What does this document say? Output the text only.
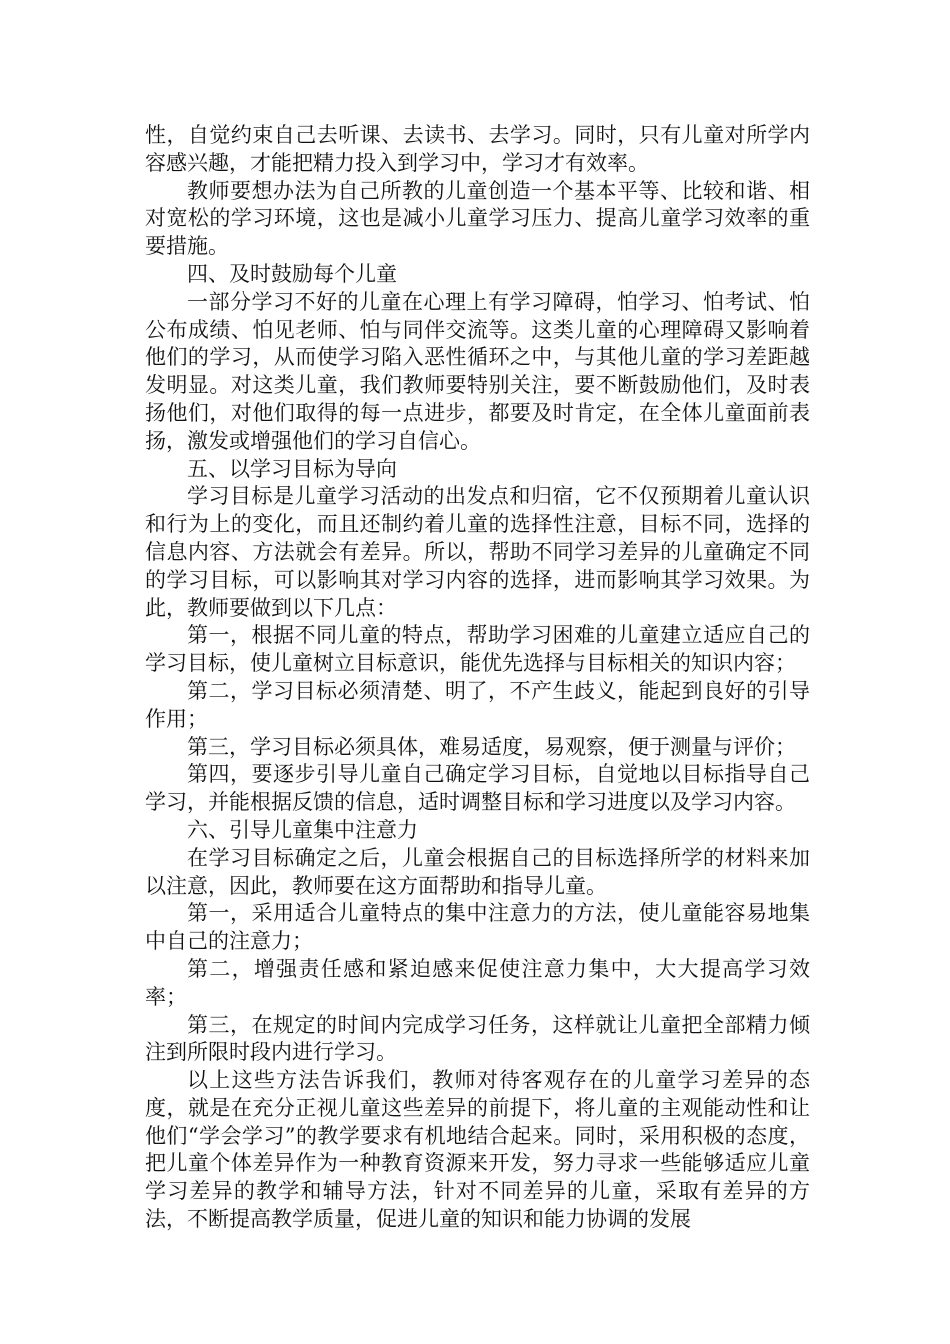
性，自觉约束自己去听课、去读书、去学习。同时，只有儿童对所学内容感兴趣，才能把精力投入到学习中，学习才有效率。

教师要想办法为自己所教的儿童创造一个基本平等、比较和谐、相对宽松的学习环境，这也是减小儿童学习压力、提高儿童学习效率的重要措施。

四、及时鼓励每个儿童

一部分学习不好的儿童在心理上有学习障碍，怕学习、怕考试、怕公布成绩、怕见老师、怕与同伴交流等。这类儿童的心理障碍又影响着他们的学习，从而使学习陷入恶性循环之中，与其他儿童的学习差距越发明显。对这类儿童，我们教师要特别关注，要不断鼓励他们，及时表扬他们，对他们取得的每一点进步，都要及时肯定，在全体儿童面前表扬，激发或增强他们的学习自信心。

五、以学习目标为导向

学习目标是儿童学习活动的出发点和归宿，它不仅预期着儿童认识和行为上的变化，而且还制约着儿童的选择性注意，目标不同，选择的信息内容、方法就会有差异。所以，帮助不同学习差异的儿童确定不同的学习目标，可以影响其对学习内容的选择，进而影响其学习效果。为此，教师要做到以下几点：

第一，根据不同儿童的特点，帮助学习困难的儿童建立适应自己的学习目标，使儿童树立目标意识，能优先选择与目标相关的知识内容；

第二，学习目标必须清楚、明了，不产生歧义，能起到良好的引导作用；

第三，学习目标必须具体，难易适度，易观察，便于测量与评价；

第四，要逐步引导儿童自己确定学习目标，自觉地以目标指导自己学习，并能根据反馈的信息，适时调整目标和学习进度以及学习内容。

六、引导儿童集中注意力

在学习目标确定之后，儿童会根据自己的目标选择所学的材料来加以注意，因此，教师要在这方面帮助和指导儿童。

第一，采用适合儿童特点的集中注意力的方法，使儿童能容易地集中自己的注意力；

第二，增强责任感和紧迫感来促使注意力集中，大大提高学习效率；

第三，在规定的时间内完成学习任务，这样就让儿童把全部精力倾注到所限时段内进行学习。

以上这些方法告诉我们，教师对待客观存在的儿童学习差异的态度，就是在充分正视儿童这些差异的前提下，将儿童的主观能动性和让他们“学会学习”的教学要求有机地结合起来。同时，采用积极的态度，把儿童个体差异作为一种教育资源来开发，努力寻求一些能够适应儿童学习差异的教学和辅导方法，针对不同差异的儿童，采取有差异的方法，不断提高教学质量，促进儿童的知识和能力协调的发展
